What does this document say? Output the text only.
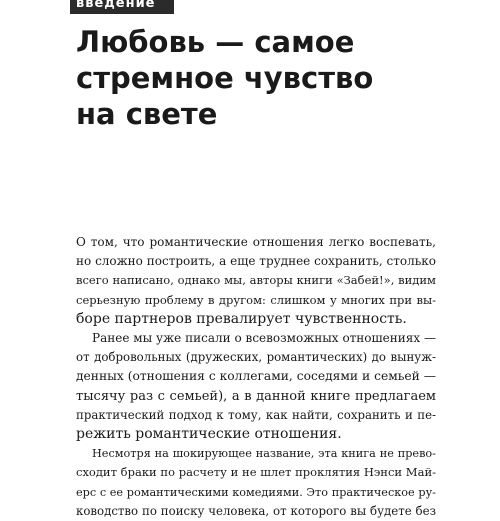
введение
Любовь — самое
стремное чувство
на свете
О том, что романтические отношения легко воспевать,
но сложно построить, а еще труднее сохранить, столько
всего написано, однако мы, авторы книги «Забей!», видим
серьезную проблему в другом: слишком у многих при вы-
боре партнеров превалирует чувственность.
Ранее мы уже писали о всевозможных отношениях —
от добровольных (дружеских, романтических) до вынуж-
денных (отношения с коллегами, соседями и семьей —
тысячу раз с семьей), а в данной книге предлагаем
практический подход к тому, как найти, сохранить и пе-
режить романтические отношения.
Несмотря на шокирующее название, эта книга не прево-
сходит браки по расчету и не шлет проклятия Нэнси Май-
ерс с ее романтическими комедиями. Это практическое ру-
ководство по поиску человека, от которого вы будете без
